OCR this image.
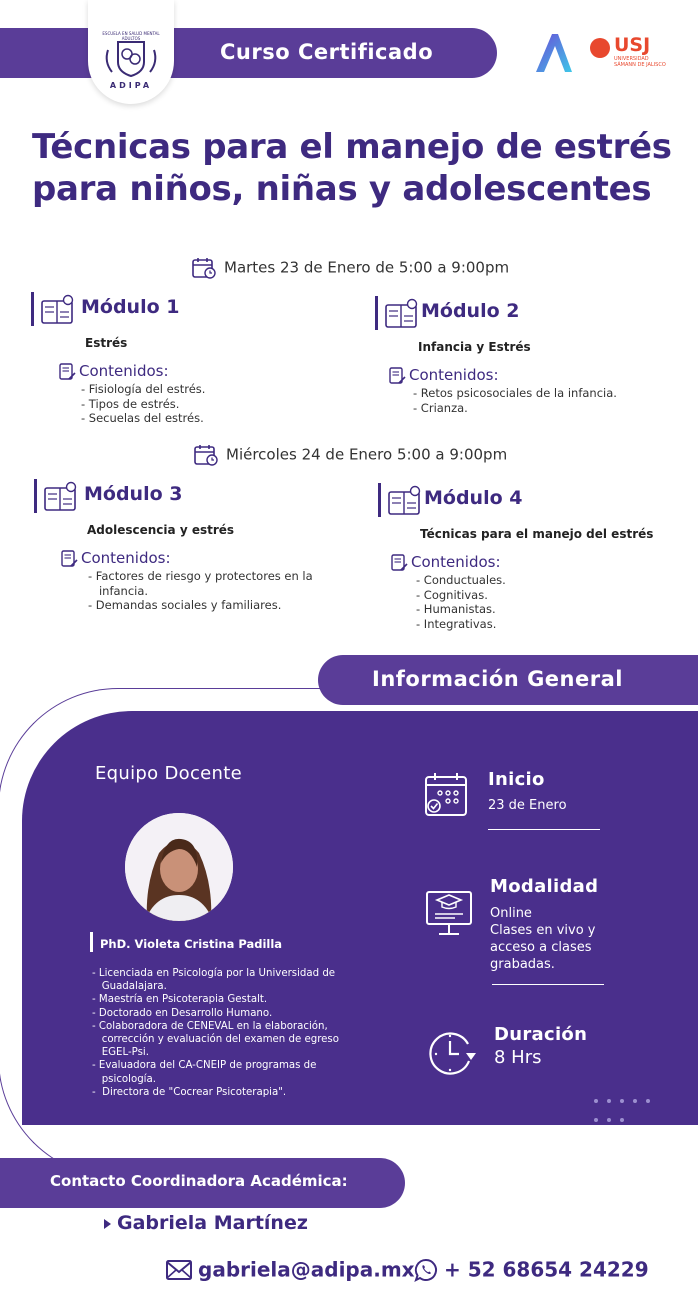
Curso Certificado
ESCUELA EN SALUD MENTAL ADULTOS
ADIPA
USJ
UNIVERSIDAD SÁMANN DE JALISCO
Técnicas para el manejo de estrés
para niños, niñas y adolescentes
Martes 23 de Enero de 5:00 a 9:00pm
Módulo 1
Estrés
Contenidos:
- Fisiología del estrés.
- Tipos de estrés.
- Secuelas del estrés.
Módulo 2
Infancia y Estrés
Contenidos:
- Retos psicosociales de la infancia.
- Crianza.
Miércoles 24 de Enero 5:00 a 9:00pm
Módulo 3
Adolescencia y estrés
Contenidos:
- Factores de riesgo y protectores en la
infancia.
- Demandas sociales y familiares.
Módulo 4
Técnicas para el manejo del estrés
Contenidos:
- Conductuales.
- Cognitivas.
- Humanistas.
- Integrativas.
Información General
Equipo Docente
PhD. Violeta Cristina Padilla
- Licenciada en Psicología por la Universidad de
Guadalajara.
- Maestría en Psicoterapia Gestalt.
- Doctorado en Desarrollo Humano.
- Colaboradora de CENEVAL en la elaboración,
corrección y evaluación del examen de egreso
EGEL-Psi.
- Evaluadora del CA-CNEIP de programas de
psicología.
-  Directora de "Cocrear Psicoterapia".
Inicio
23 de Enero
Modalidad
Online
Clases en vivo y
acceso a clases
grabadas.
Duración
8 Hrs
Contacto Coordinadora Académica:
Gabriela Martínez
gabriela@adipa.mx	+ 52 68654 24229
